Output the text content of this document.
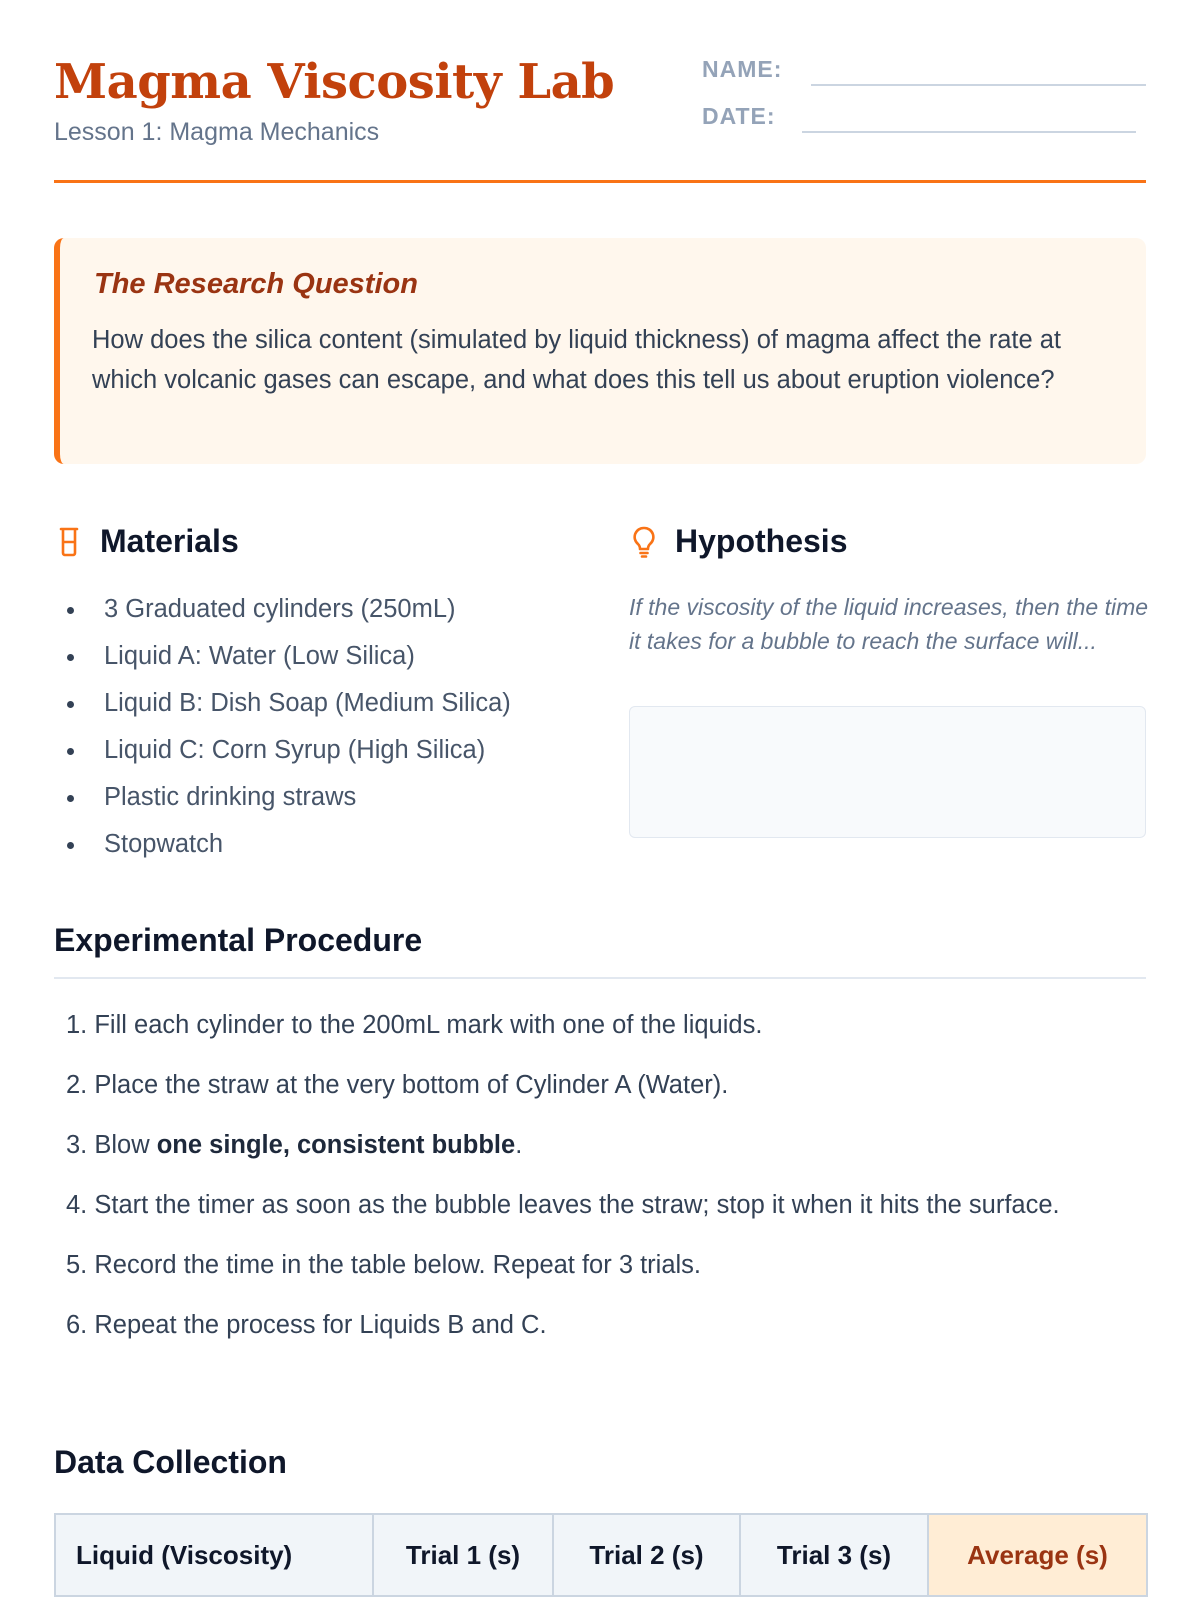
Magma Viscosity Lab
Lesson 1: Magma Mechanics
NAME:
DATE:
The Research Question
How does the silica content (simulated by liquid thickness) of magma affect the rate at which volcanic gases can escape, and what does this tell us about eruption violence?
Materials
3 Graduated cylinders (250mL)
Liquid A: Water (Low Silica)
Liquid B: Dish Soap (Medium Silica)
Liquid C: Corn Syrup (High Silica)
Plastic drinking straws
Stopwatch
Hypothesis
If the viscosity of the liquid increases, then the time it takes for a bubble to reach the surface will...
Experimental Procedure
1. Fill each cylinder to the 200mL mark with one of the liquids.
2. Place the straw at the very bottom of Cylinder A (Water).
3. Blow one single, consistent bubble.
4. Start the timer as soon as the bubble leaves the straw; stop it when it hits the surface.
5. Record the time in the table below. Repeat for 3 trials.
6. Repeat the process for Liquids B and C.
Data Collection
Liquid (Viscosity)	Trial 1 (s)	Trial 2 (s)	Trial 3 (s)	Average (s)
